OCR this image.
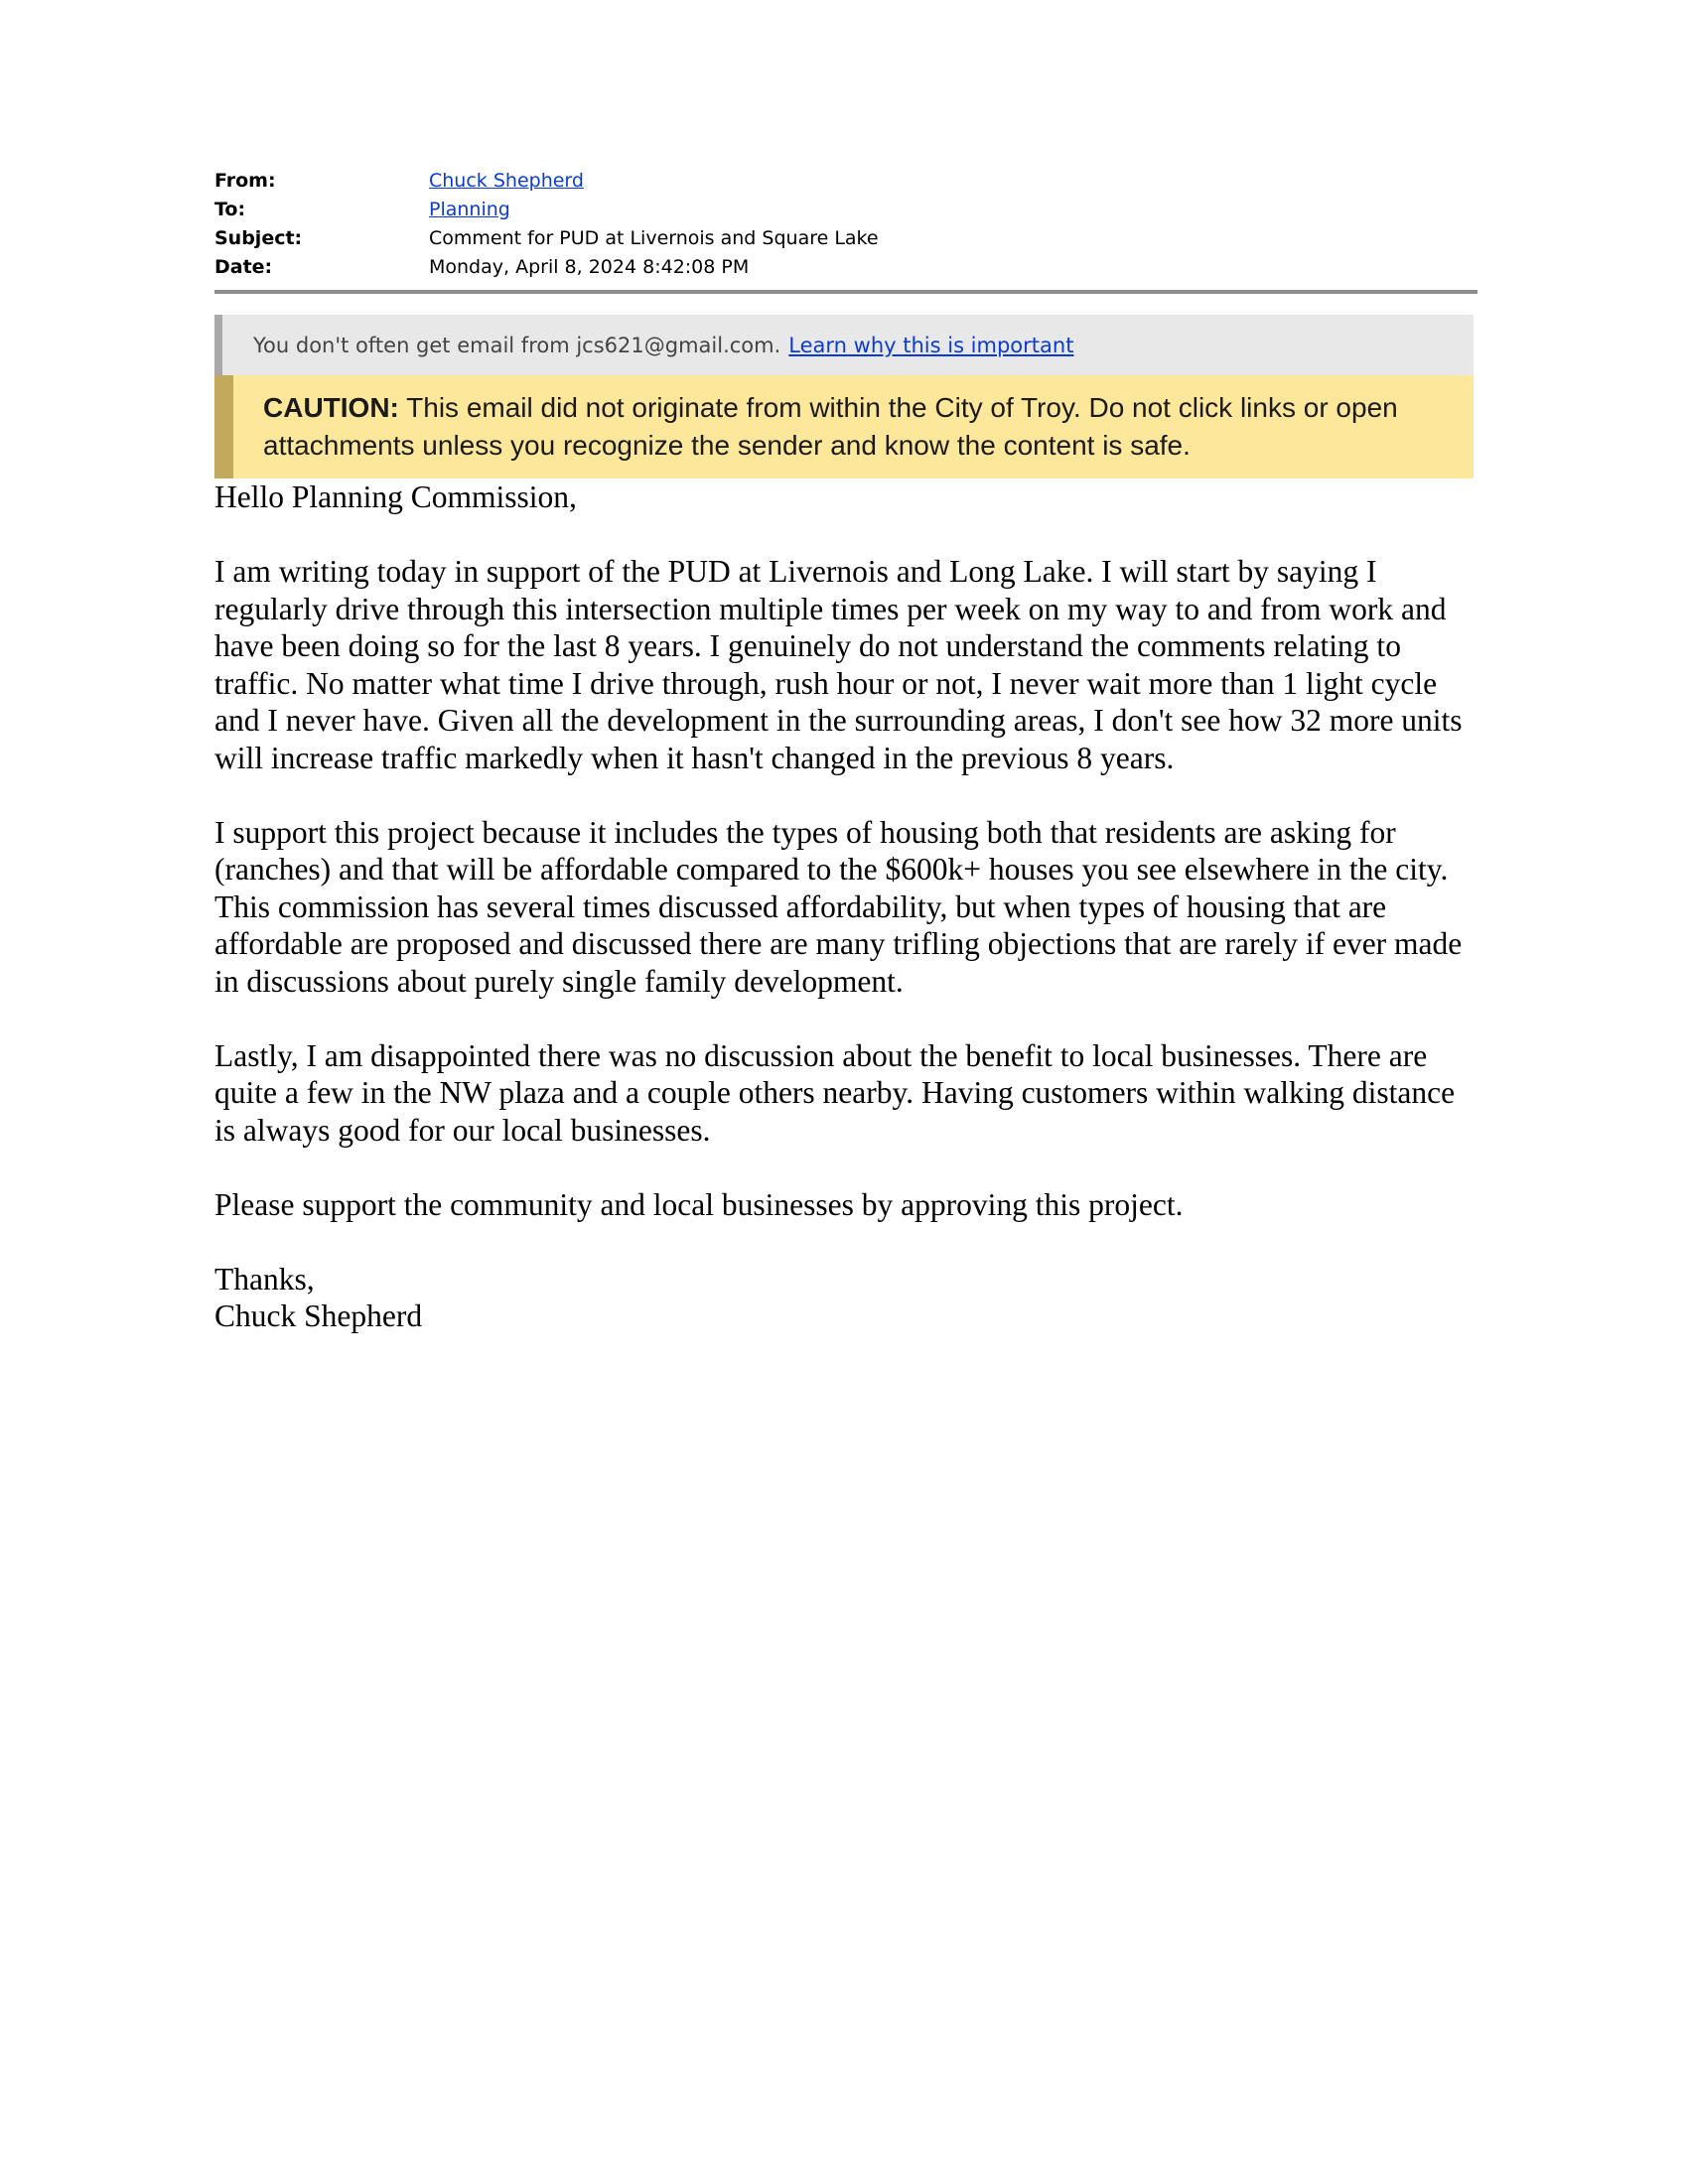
From:	Chuck Shepherd
To:	Planning
Subject:	Comment for PUD at Livernois and Square Lake
Date:	Monday, April 8, 2024 8:42:08 PM
You don't often get email from jcs621@gmail.com. Learn why this is important
CAUTION: This email did not originate from within the City of Troy. Do not click links or open attachments unless you recognize the sender and know the content is safe.

Hello Planning Commission,

I am writing today in support of the PUD at Livernois and Long Lake. I will start by saying I regularly drive through this intersection multiple times per week on my way to and from work and have been doing so for the last 8 years. I genuinely do not understand the comments relating to traffic. No matter what time I drive through, rush hour or not, I never wait more than 1 light cycle and I never have. Given all the development in the surrounding areas, I don't see how 32 more units will increase traffic markedly when it hasn't changed in the previous 8 years.

I support this project because it includes the types of housing both that residents are asking for (ranches) and that will be affordable compared to the $600k+ houses you see elsewhere in the city. This commission has several times discussed affordability, but when types of housing that are affordable are proposed and discussed there are many trifling objections that are rarely if ever made in discussions about purely single family development.

Lastly, I am disappointed there was no discussion about the benefit to local businesses. There are quite a few in the NW plaza and a couple others nearby. Having customers within walking distance is always good for our local businesses.

Please support the community and local businesses by approving this project.

Thanks,
Chuck Shepherd
